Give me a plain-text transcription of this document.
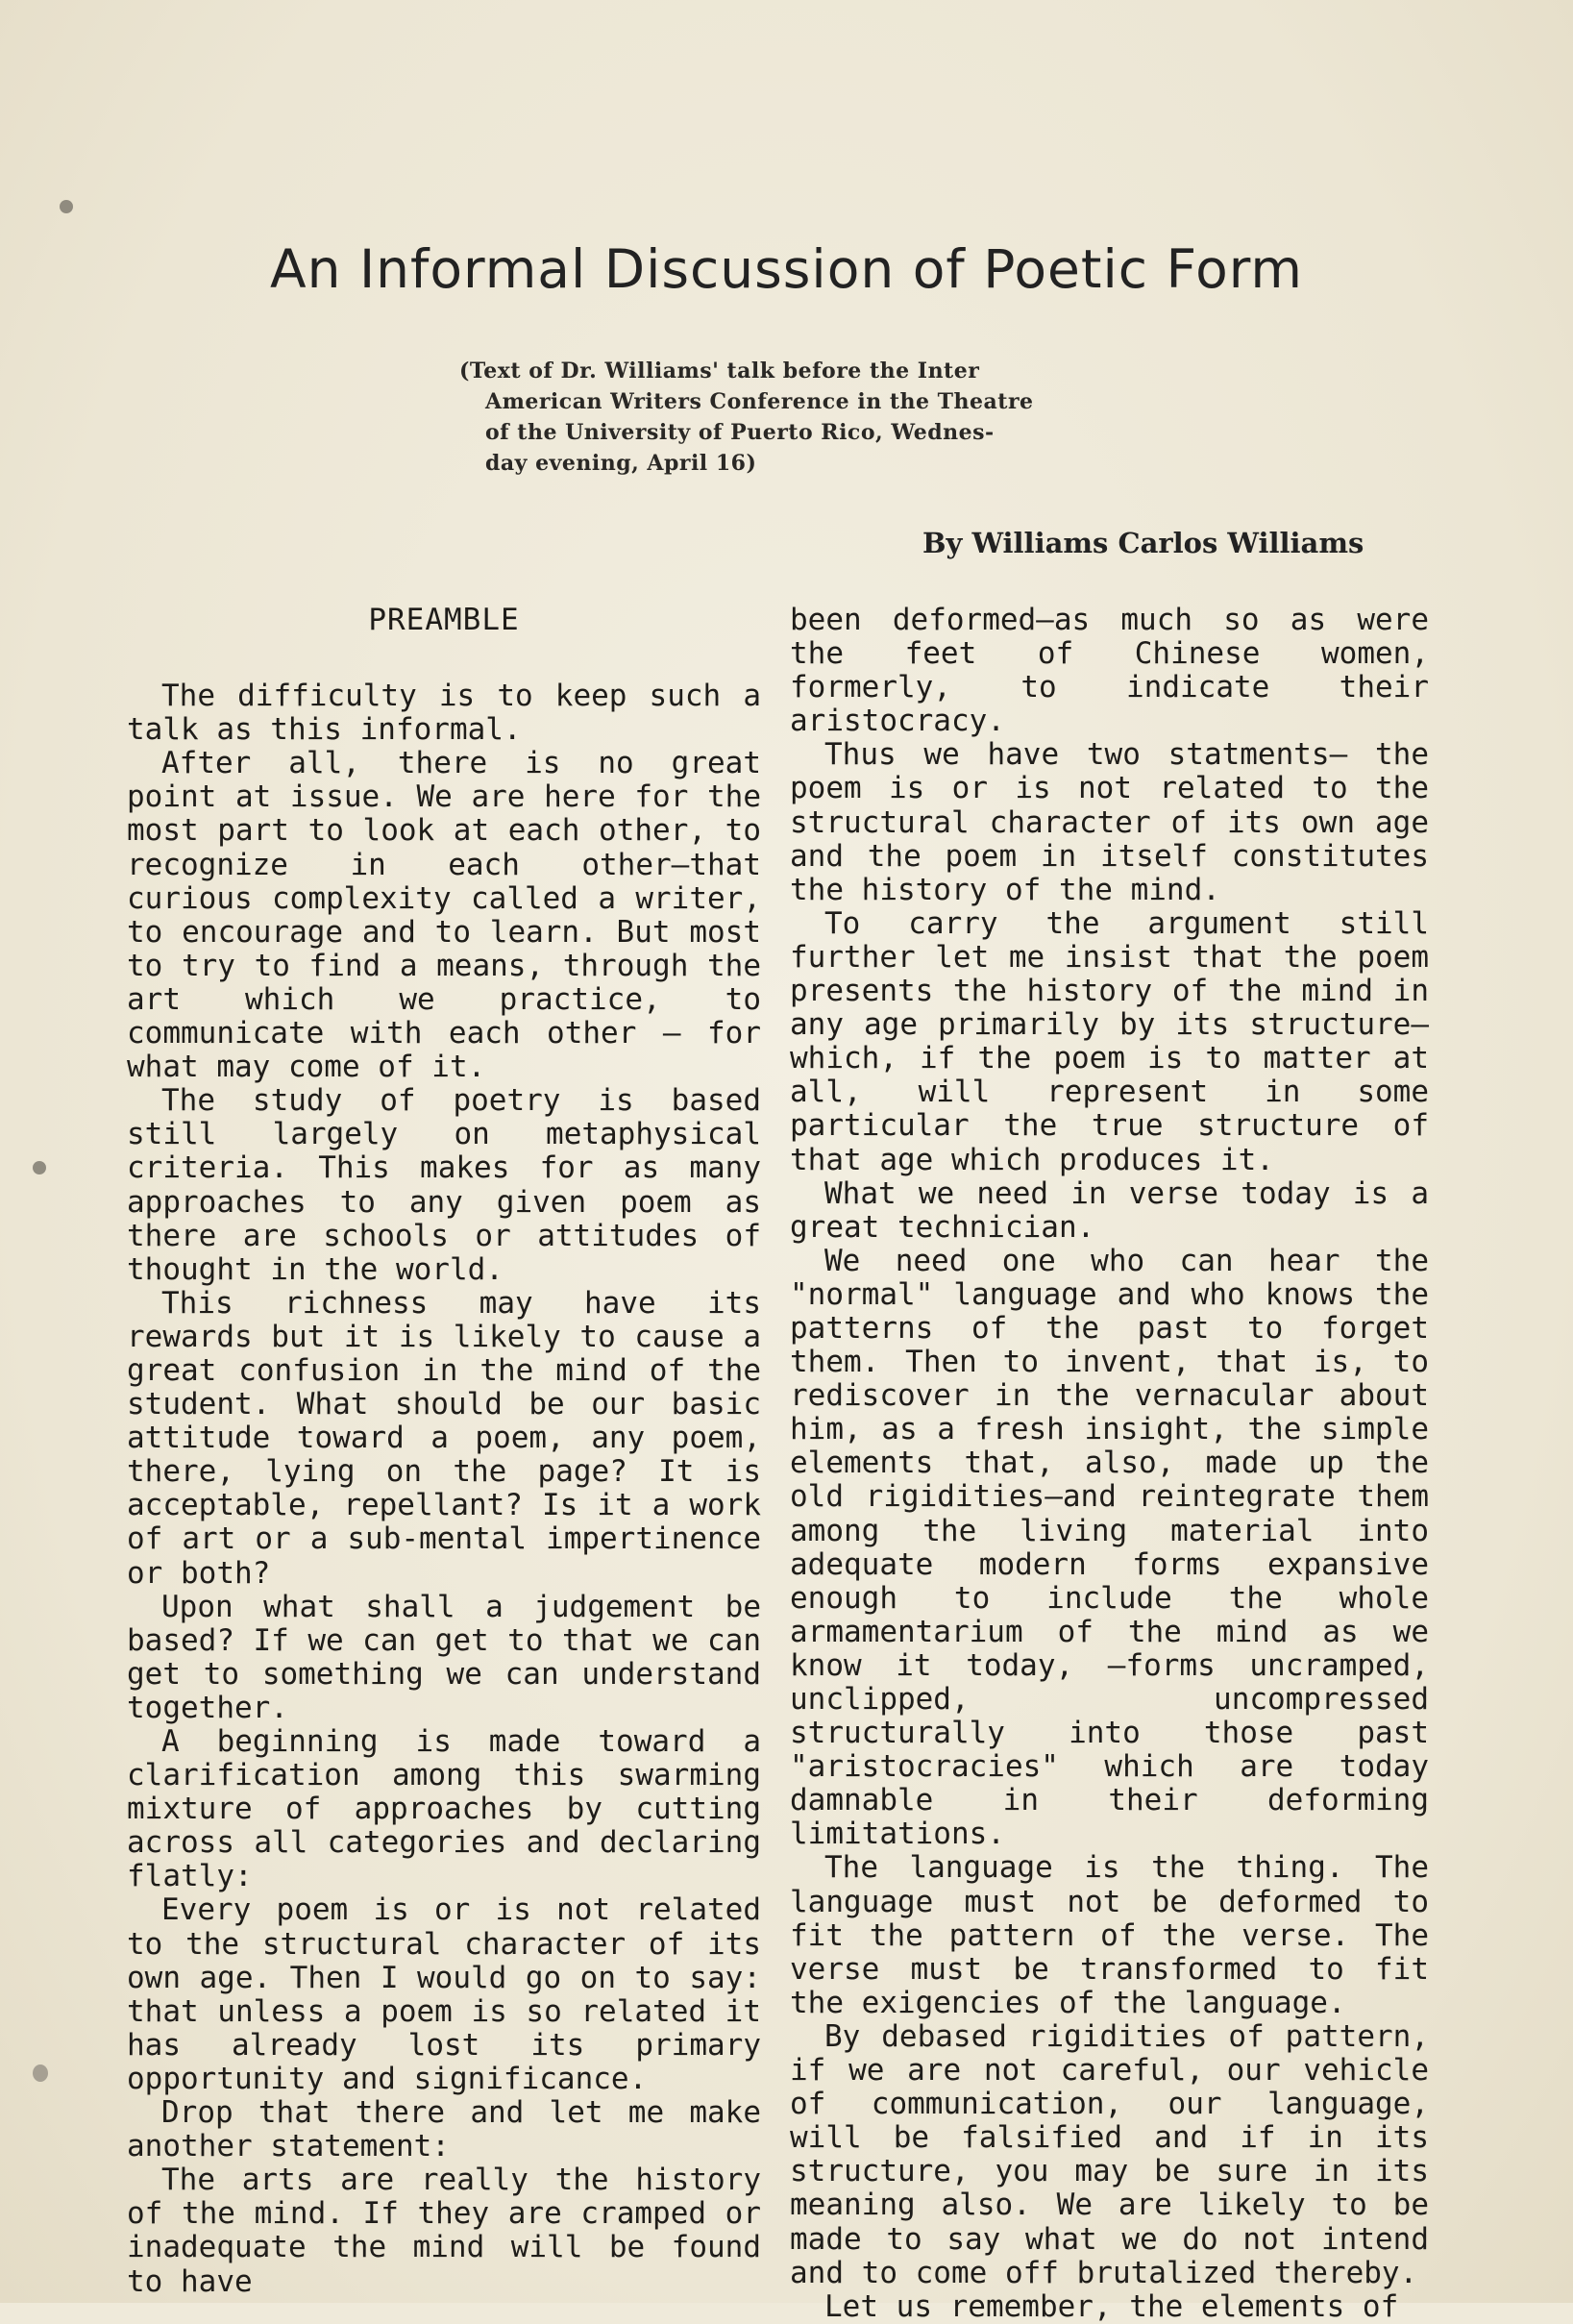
An Informal Discussion of Poetic Form
(Text of Dr. Williams' talk before the Inter
American Writers Conference in the Theatre
of the University of Puerto Rico, Wednes-
day evening, April 16)
By Williams Carlos Williams
PREAMBLE

The difficulty is to keep such a talk as this informal.

After all, there is no great point at issue. We are here for the most part to look at each other, to recognize in each other—that curious complexity called a writer, to encourage and to learn. But most to try to find a means, through the art which we practice, to communicate with each other — for what may come of it.

The study of poetry is based still largely on metaphysical criteria. This makes for as many approaches to any given poem as there are schools or attitudes of thought in the world.

This richness may have its rewards but it is likely to cause a great confusion in the mind of the student. What should be our basic attitude toward a poem, any poem, there, lying on the page? It is acceptable, repellant? Is it a work of art or a sub-mental impertinence or both?

Upon what shall a judgement be based? If we can get to that we can get to something we can understand together.

A beginning is made toward a clarification among this swarming mixture of approaches by cutting across all categories and declaring flatly:

Every poem is or is not related to the structural character of its own age. Then I would go on to say: that unless a poem is so related it has already lost its primary opportunity and significance.

Drop that there and let me make another statement:

The arts are really the history of the mind. If they are cramped or inadequate the mind will be found to have

been deformed—as much so as were the feet of Chinese women, formerly, to indicate their aristocracy.

Thus we have two statments— the poem is or is not related to the structural character of its own age and the poem in itself constitutes the history of the mind.

To carry the argument still further let me insist that the poem presents the history of the mind in any age primarily by its structure—which, if the poem is to matter at all, will represent in some particular the true structure of that age which produces it.

What we need in verse today is a great technician.

We need one who can hear the "normal" language and who knows the patterns of the past to forget them. Then to invent, that is, to rediscover in the vernacular about him, as a fresh insight, the simple elements that, also, made up the old rigidities—and reintegrate them among the living material into adequate modern forms expansive enough to include the whole armamentarium of the mind as we know it today, —forms uncramped, unclipped, uncompressed structurally into those past "aristocracies" which are today damnable in their deforming limitations.

The language is the thing. The language must not be deformed to fit the pattern of the verse. The verse must be transformed to fit the exigencies of the language.

By debased rigidities of pattern, if we are not careful, our vehicle of communication, our language, will be falsified and if in its structure, you may be sure in its meaning also. We are likely to be made to say what we do not intend and to come off brutalized thereby.

Let us remember, the elements of
